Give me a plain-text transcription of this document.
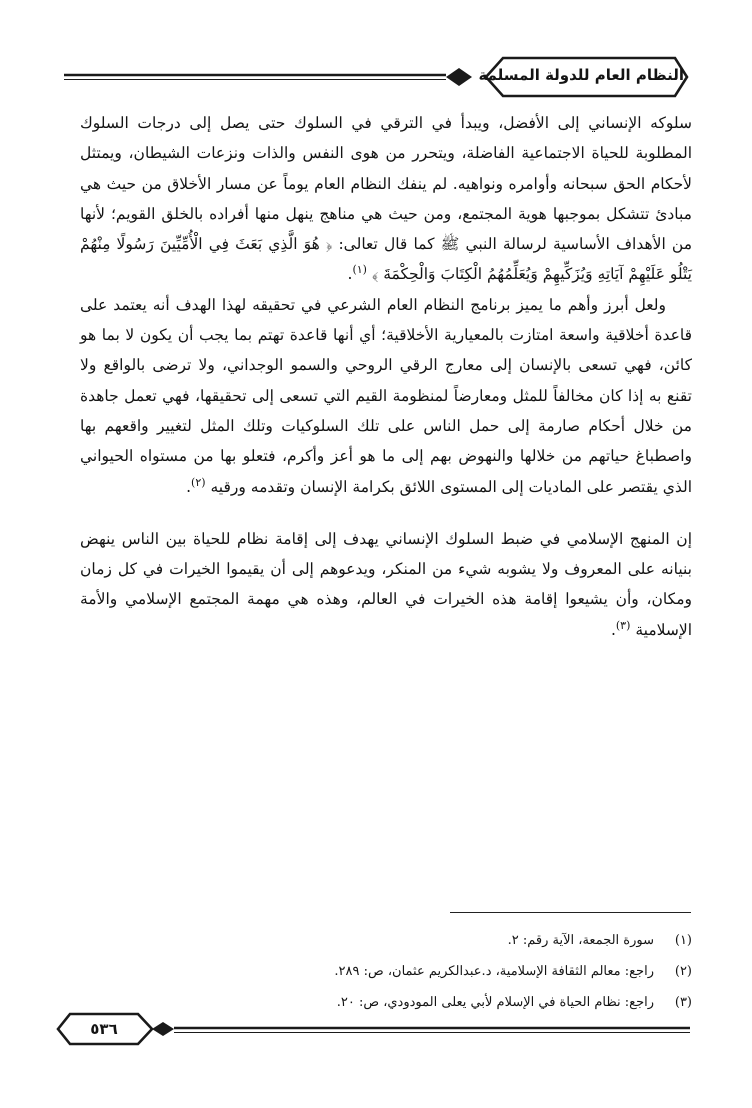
النظام العام للدولة المسلمة

سلوكه الإنساني إلى الأفضل، ويبدأ في الترقي في السلوك حتى يصل إلى درجات السلوك المطلوبة للحياة الاجتماعية الفاضلة، ويتحرر من هوى النفس والذات ونزعات الشيطان، ويمتثل لأحكام الحق سبحانه وأوامره ونواهيه. لم ينفك النظام العام يوماً عن مسار الأخلاق من حيث هي مبادئ تتشكل بموجبها هوية المجتمع، ومن حيث هي مناهج ينهل منها أفراده بالخلق القويم؛ لأنها من الأهداف الأساسية لرسالة النبي ﷺ كما قال تعالى: ﴿ هُوَ الَّذِي بَعَثَ فِي الْأُمِّيِّينَ رَسُولًا مِنْهُمْ يَتْلُو عَلَيْهِمْ آيَاتِهِ وَيُزَكِّيهِمْ وَيُعَلِّمُهُمُ الْكِتَابَ وَالْحِكْمَةَ ﴾ $^{(١)}$.

ولعل أبرز وأهم ما يميز برنامج النظام العام الشرعي في تحقيقه لهذا الهدف أنه يعتمد على قاعدة أخلاقية واسعة امتازت بالمعيارية الأخلاقية؛ أي أنها قاعدة تهتم بما يجب أن يكون لا بما هو كائن، فهي تسعى بالإنسان إلى معارج الرقي الروحي والسمو الوجداني، ولا ترضى بالواقع ولا تقنع به إذا كان مخالفاً للمثل ومعارضاً لمنظومة القيم التي تسعى إلى تحقيقها، فهي تعمل جاهدة من خلال أحكام صارمة إلى حمل الناس على تلك السلوكيات وتلك المثل لتغيير واقعهم بها واصطباغ حياتهم من خلالها والنهوض بهم إلى ما هو أعز وأكرم، فتعلو بها من مستواه الحيواني الذي يقتصر على الماديات إلى المستوى اللائق بكرامة الإنسان وتقدمه ورقيه $^{(٢)}$.

إن المنهج الإسلامي في ضبط السلوك الإنساني يهدف إلى إقامة نظام للحياة بين الناس ينهض بنيانه على المعروف ولا يشوبه شيء من المنكر، ويدعوهم إلى أن يقيموا الخيرات في كل زمان ومكان، وأن يشيعوا إقامة هذه الخيرات في العالم، وهذه هي مهمة المجتمع الإسلامي والأمة الإسلامية $^{(٣)}$.

(١)سورة الجمعة، الآية رقم: ٢.
(٢)راجع: معالم الثقافة الإسلامية، د.عبدالكريم عثمان، ص: ٢٨٩.
(٣)راجع: نظام الحياة في الإسلام لأبي يعلى المودودي، ص: ٢٠.
٥٣٦
